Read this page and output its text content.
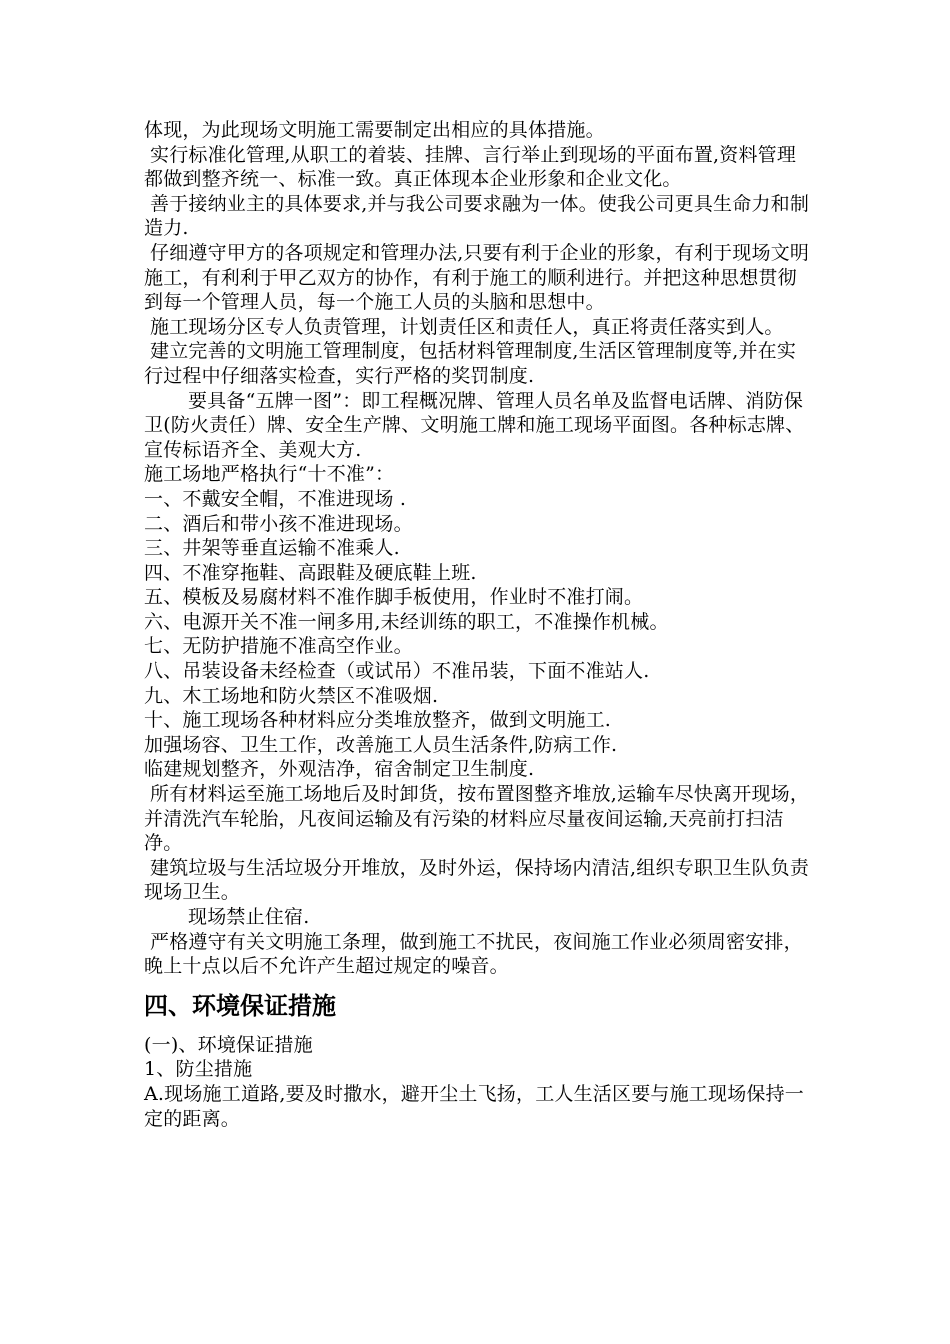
体现，为此现场文明施工需要制定出相应的具体措施。

实行标准化管理,从职工的着装、挂牌、言行举止到现场的平面布置,资料管理都做到整齐统一、标准一致。真正体现本企业形象和企业文化。

善于接纳业主的具体要求,并与我公司要求融为一体。使我公司更具生命力和制造力.

仔细遵守甲方的各项规定和管理办法,只要有利于企业的形象，有利于现场文明施工，有利利于甲乙双方的协作，有利于施工的顺利进行。并把这种思想贯彻到每一个管理人员，每一个施工人员的头脑和思想中。

施工现场分区专人负责管理，计划责任区和责任人，真正将责任落实到人。

建立完善的文明施工管理制度，包括材料管理制度,生活区管理制度等,并在实行过程中仔细落实检查，实行严格的奖罚制度.

要具备“五牌一图”：即工程概况牌、管理人员名单及监督电话牌、消防保卫(防火责任）牌、安全生产牌、文明施工牌和施工现场平面图。各种标志牌、宣传标语齐全、美观大方.

施工场地严格执行“十不准”：

一、不戴安全帽，不准进现场 .

二、酒后和带小孩不准进现场。

三、井架等垂直运输不准乘人.

四、不准穿拖鞋、高跟鞋及硬底鞋上班.

五、模板及易腐材料不准作脚手板使用，作业时不准打闹。

六、电源开关不准一闸多用,未经训练的职工，不准操作机械。

七、无防护措施不准高空作业。

八、吊装设备未经检查（或试吊）不准吊装，下面不准站人.

九、木工场地和防火禁区不准吸烟.

十、施工现场各种材料应分类堆放整齐，做到文明施工.

加强场容、卫生工作，改善施工人员生活条件,防病工作.

临建规划整齐，外观洁净，宿舍制定卫生制度.

所有材料运至施工场地后及时卸货，按布置图整齐堆放,运输车尽快离开现场，并清洗汽车轮胎，凡夜间运输及有污染的材料应尽量夜间运输,天亮前打扫洁净。

建筑垃圾与生活垃圾分开堆放，及时外运，保持场内清洁,组织专职卫生队负责现场卫生。

现场禁止住宿.

严格遵守有关文明施工条理，做到施工不扰民，夜间施工作业必须周密安排，晚上十点以后不允许产生超过规定的噪音。

四、环境保证措施

(一)、环境保证措施

1、防尘措施

A.现场施工道路,要及时撒水，避开尘土飞扬，工人生活区要与施工现场保持一定的距离。
